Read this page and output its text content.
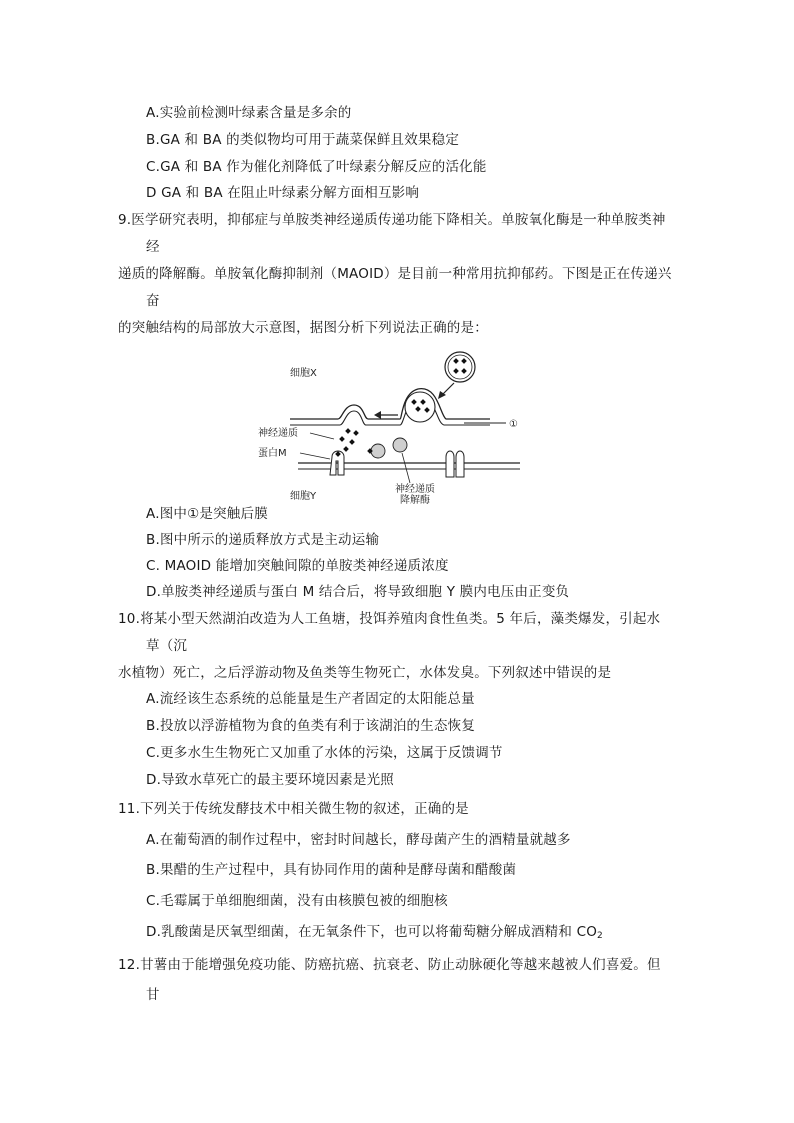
A.实验前检测叶绿素含量是多余的
B.GA 和 BA 的类似物均可用于蔬菜保鲜且效果稳定
C.GA 和 BA 作为催化剂降低了叶绿素分解反应的活化能
D GA 和 BA 在阻止叶绿素分解方面相互影响
9.医学研究表明，抑郁症与单胺类神经递质传递功能下降相关。单胺氧化酶是一种单胺类神
经
递质的降解酶。单胺氧化酶抑制剂（MAOID）是目前一种常用抗抑郁药。下图是正在传递兴
奋
的突触结构的局部放大示意图，据图分析下列说法正确的是：
细胞X
①
神经递质
蛋白M
神经递质
降解酶
细胞Y
A.图中①是突触后膜
B.图中所示的递质释放方式是主动运输
C. MAOID 能增加突触间隙的单胺类神经递质浓度
D.单胺类神经递质与蛋白 M 结合后，将导致细胞 Y 膜内电压由正变负
10.将某小型天然湖泊改造为人工鱼塘，投饵养殖肉食性鱼类。5 年后，藻类爆发，引起水
草（沉
水植物）死亡，之后浮游动物及鱼类等生物死亡，水体发臭。下列叙述中错误的是
A.流经该生态系统的总能量是生产者固定的太阳能总量
B.投放以浮游植物为食的鱼类有利于该湖泊的生态恢复
C.更多水生生物死亡又加重了水体的污染，这属于反馈调节
D.导致水草死亡的最主要环境因素是光照
11.下列关于传统发酵技术中相关微生物的叙述，正确的是
A.在葡萄酒的制作过程中，密封时间越长，酵母菌产生的酒精量就越多
B.果醋的生产过程中，具有协同作用的菌种是酵母菌和醋酸菌
C.毛霉属于单细胞细菌，没有由核膜包被的细胞核
D.乳酸菌是厌氧型细菌，在无氧条件下，也可以将葡萄糖分解成酒精和 $CO_2$
12.甘薯由于能增强免疫功能、防癌抗癌、抗衰老、防止动脉硬化等越来越被人们喜爱。但
甘
